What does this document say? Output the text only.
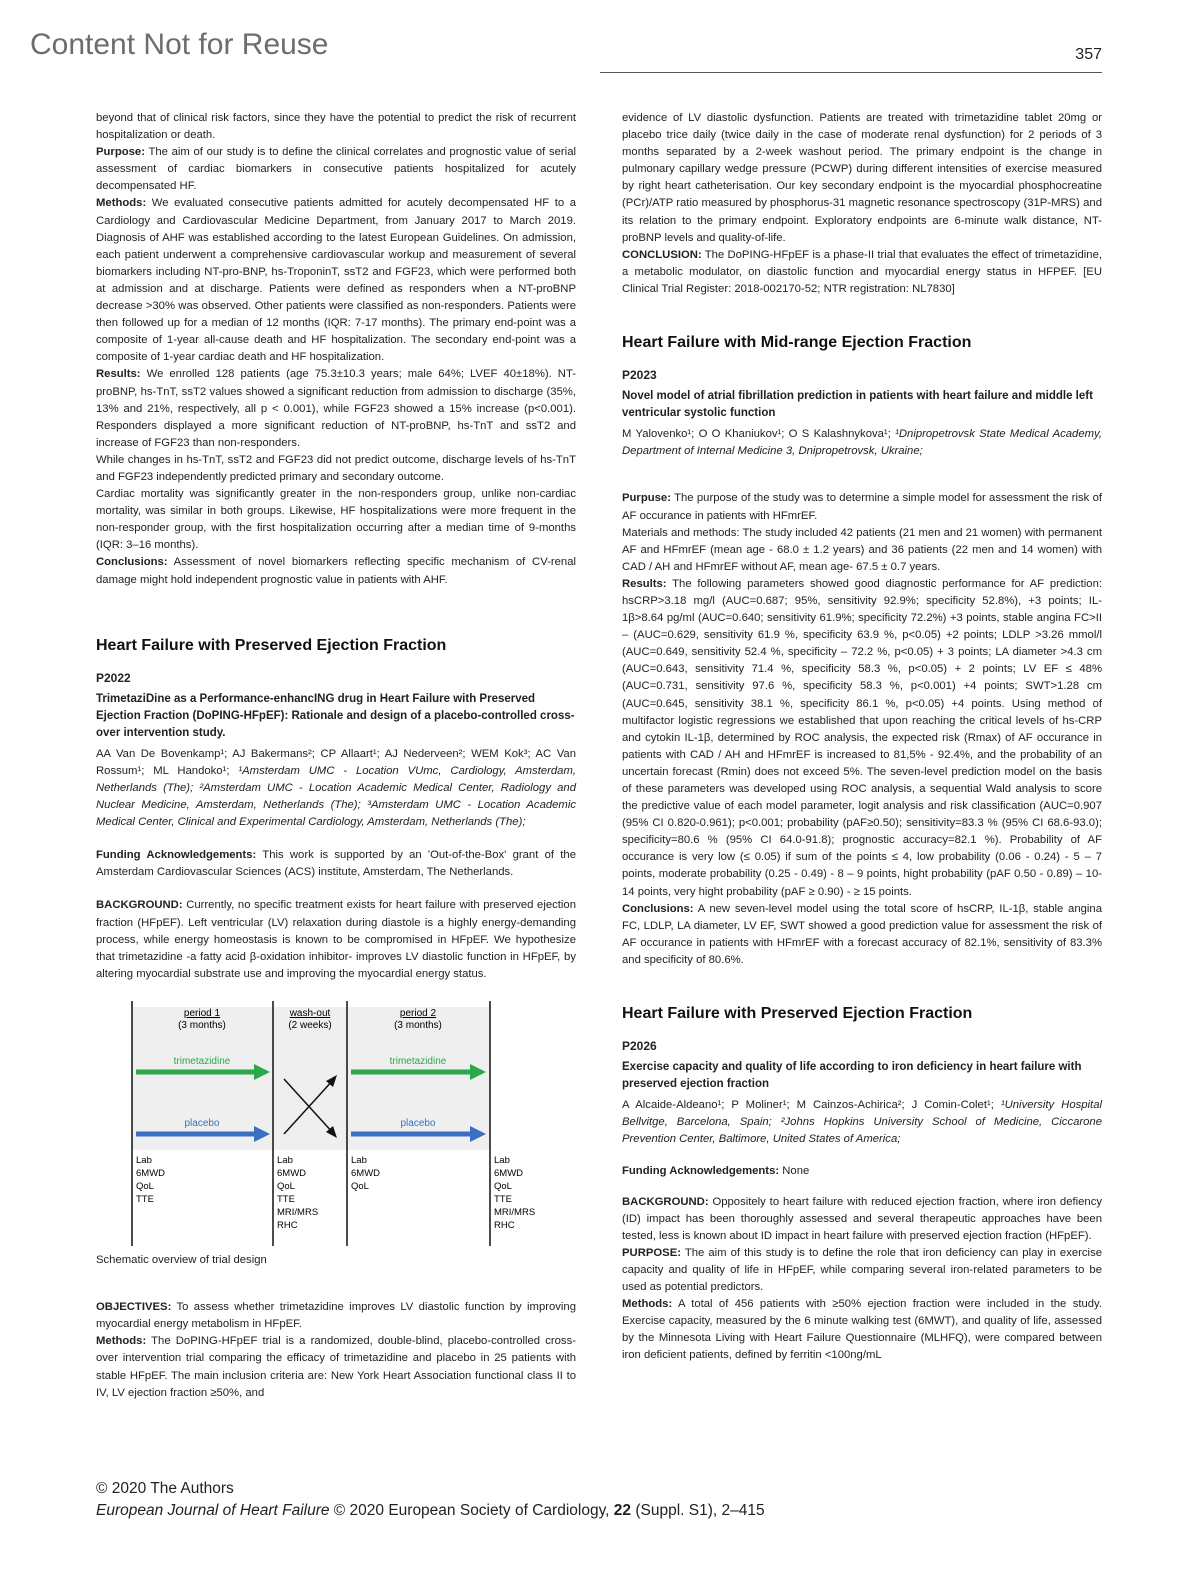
Content Not for Reuse	357

beyond that of clinical risk factors, since they have the potential to predict the risk of recurrent hospitalization or death.

Purpose: The aim of our study is to define the clinical correlates and prognostic value of serial assessment of cardiac biomarkers in consecutive patients hospitalized for acutely decompensated HF.

Methods: We evaluated consecutive patients admitted for acutely decompensated HF to a Cardiology and Cardiovascular Medicine Department, from January 2017 to March 2019. Diagnosis of AHF was established according to the latest European Guidelines. On admission, each patient underwent a comprehensive cardiovascular workup and measurement of several biomarkers including NT-pro-BNP, hs-TroponinT, ssT2 and FGF23, which were performed both at admission and at discharge. Patients were defined as responders when a NT-proBNP decrease >30% was observed. Other patients were classified as non-responders. Patients were then followed up for a median of 12 months (IQR: 7-17 months). The primary end-point was a composite of 1-year all-cause death and HF hospitalization. The secondary end-point was a composite of 1-year cardiac death and HF hospitalization.

Results: We enrolled 128 patients (age 75.3±10.3 years; male 64%; LVEF 40±18%). NT-proBNP, hs-TnT, ssT2 values showed a significant reduction from admission to discharge (35%, 13% and 21%, respectively, all p < 0.001), while FGF23 showed a 15% increase (p<0.001). Responders displayed a more significant reduction of NT-proBNP, hs-TnT and ssT2 and increase of FGF23 than non-responders.

While changes in hs-TnT, ssT2 and FGF23 did not predict outcome, discharge levels of hs-TnT and FGF23 independently predicted primary and secondary outcome.

Cardiac mortality was significantly greater in the non-responders group, unlike non-cardiac mortality, was similar in both groups. Likewise, HF hospitalizations were more frequent in the non-responder group, with the first hospitalization occurring after a median time of 9-months (IQR: 3–16 months).

Conclusions: Assessment of novel biomarkers reflecting specific mechanism of CV-renal damage might hold independent prognostic value in patients with AHF.

Heart Failure with Preserved Ejection Fraction
P2022
TrimetaziDine as a Performance-enhancING drug in Heart Failure with Preserved Ejection Fraction (DoPING-HFpEF): Rationale and design of a placebo-controlled cross-over intervention study.

AA Van De Bovenkamp¹; AJ Bakermans²; CP Allaart¹; AJ Nederveen²; WEM Kok³; AC Van Rossum¹; ML Handoko¹; ¹Amsterdam UMC - Location VUmc, Cardiology, Amsterdam, Netherlands (The); ²Amsterdam UMC - Location Academic Medical Center, Radiology and Nuclear Medicine, Amsterdam, Netherlands (The); ³Amsterdam UMC - Location Academic Medical Center, Clinical and Experimental Cardiology, Amsterdam, Netherlands (The);

Funding Acknowledgements: This work is supported by an 'Out-of-the-Box' grant of the Amsterdam Cardiovascular Sciences (ACS) institute, Amsterdam, The Netherlands.

BACKGROUND: Currently, no specific treatment exists for heart failure with preserved ejection fraction (HFpEF). Left ventricular (LV) relaxation during diastole is a highly energy-demanding process, while energy homeostasis is known to be compromised in HFpEF. We hypothesize that trimetazidine -a fatty acid β-oxidation inhibitor- improves LV diastolic function in HFpEF, by altering myocardial substrate use and improving the myocardial energy status.

period 1
(3 months)
wash-out
(2 weeks)
period 2
(3 months)
trimetazidine	trimetazidine
placebo	placebo
Lab
6MWD
QoL
TTE
Lab
6MWD
QoL
TTE
MRI/MRS
RHC
Lab
6MWD
QoL
Lab
6MWD
QoL
TTE
MRI/MRS
RHC

Schematic overview of trial design

OBJECTIVES: To assess whether trimetazidine improves LV diastolic function by improving myocardial energy metabolism in HFpEF.

Methods: The DoPING-HFpEF trial is a randomized, double-blind, placebo-controlled cross-over intervention trial comparing the efficacy of trimetazidine and placebo in 25 patients with stable HFpEF. The main inclusion criteria are: New York Heart Association functional class II to IV, LV ejection fraction ≥50%, and

evidence of LV diastolic dysfunction. Patients are treated with trimetazidine tablet 20mg or placebo trice daily (twice daily in the case of moderate renal dysfunction) for 2 periods of 3 months separated by a 2-week washout period. The primary endpoint is the change in pulmonary capillary wedge pressure (PCWP) during different intensities of exercise measured by right heart catheterisation. Our key secondary endpoint is the myocardial phosphocreatine (PCr)/ATP ratio measured by phosphorus-31 magnetic resonance spectroscopy (31P-MRS) and its relation to the primary endpoint. Exploratory endpoints are 6-minute walk distance, NT-proBNP levels and quality-of-life.

CONCLUSION: The DoPING-HFpEF is a phase-II trial that evaluates the effect of trimetazidine, a metabolic modulator, on diastolic function and myocardial energy status in HFPEF. [EU Clinical Trial Register: 2018-002170-52; NTR registration: NL7830]

Heart Failure with Mid-range Ejection Fraction
P2023
Novel model of atrial fibrillation prediction in patients with heart failure and middle left ventricular systolic function

M Yalovenko¹; O O Khaniukov¹; O S Kalashnykova¹; ¹Dnipropetrovsk State Medical Academy, Department of Internal Medicine 3, Dnipropetrovsk, Ukraine;

Purpuse: The purpose of the study was to determine a simple model for assessment the risk of AF occurance in patients with HFmrEF.

Materials and methods: The study included 42 patients (21 men and 21 women) with permanent AF and HFmrEF (mean age - 68.0 ± 1.2 years) and 36 patients (22 men and 14 women) with CAD / AH and HFmrEF without AF, mean age- 67.5 ± 0.7 years.

Results: The following parameters showed good diagnostic performance for AF prediction: hsCRP>3.18 mg/l (AUC=0.687; 95%, sensitivity 92.9%; specificity 52.8%), +3 points; IL-1β>8.64 pg/ml (AUC=0.640; sensitivity 61.9%; specificity 72.2%) +3 points, stable angina FC>II – (AUC=0.629, sensitivity 61.9 %, specificity 63.9 %, p<0.05) +2 points; LDLP >3.26 mmol/l (AUC=0.649, sensitivity 52.4 %, specificity – 72.2 %, p<0.05) + 3 points; LA diameter >4.3 cm (AUC=0.643, sensitivity 71.4 %, specificity 58.3 %, p<0.05) + 2 points; LV EF ≤ 48% (AUC=0.731, sensitivity 97.6 %, specificity 58.3 %, p<0.001) +4 points; SWT>1.28 cm (AUC=0.645, sensitivity 38.1 %, specificity 86.1 %, p<0.05) +4 points. Using method of multifactor logistic regressions we established that upon reaching the critical levels of hs-CRP and cytokin IL-1β, determined by ROC analysis, the expected risk (Rmax) of AF occurance in patients with CAD / AH and HFmrEF is increased to 81,5% - 92.4%, and the probability of an uncertain forecast (Rmin) does not exceed 5%. The seven-level prediction model on the basis of these parameters was developed using ROC analysis, a sequential Wald analysis to score the predictive value of each model parameter, logit analysis and risk classification (AUC=0.907 (95% CI 0.820-0.961); p<0.001; probability (pAF≥0.50); sensitivity=83.3 % (95% CI 68.6-93.0); specificity=80.6 % (95% CI 64.0-91.8); prognostic accuracy=82.1 %). Probability of AF occurance is very low (≤ 0.05) if sum of the points ≤ 4, low probability (0.06 - 0.24) - 5 – 7 points, moderate probability (0.25 - 0.49) - 8 – 9 points, hight probability (pAF 0.50 - 0.89) – 10-14 points, very hight probability (pAF ≥ 0.90) - ≥ 15 points.

Conclusions: A new seven-level model using the total score of hsCRP, IL-1β, stable angina FC, LDLP, LA diameter, LV EF, SWT showed a good prediction value for assessment the risk of AF occurance in patients with HFmrEF with a forecast accuracy of 82.1%, sensitivity of 83.3% and specificity of 80.6%.

Heart Failure with Preserved Ejection Fraction
P2026
Exercise capacity and quality of life according to iron deficiency in heart failure with preserved ejection fraction

A Alcaide-Aldeano¹; P Moliner¹; M Cainzos-Achirica²; J Comin-Colet¹; ¹University Hospital Bellvitge, Barcelona, Spain; ²Johns Hopkins University School of Medicine, Ciccarone Prevention Center, Baltimore, United States of America;

Funding Acknowledgements: None

BACKGROUND: Oppositely to heart failure with reduced ejection fraction, where iron defiency (ID) impact has been thoroughly assessed and several therapeutic approaches have been tested, less is known about ID impact in heart failure with preserved ejection fraction (HFpEF).

PURPOSE: The aim of this study is to define the role that iron deficiency can play in exercise capacity and quality of life in HFpEF, while comparing several iron-related parameters to be used as potential predictors.

Methods: A total of 456 patients with ≥50% ejection fraction were included in the study. Exercise capacity, measured by the 6 minute walking test (6MWT), and quality of life, assessed by the Minnesota Living with Heart Failure Questionnaire (MLHFQ), were compared between iron deficient patients, defined by ferritin <100ng/mL

© 2020 The Authors
European Journal of Heart Failure © 2020 European Society of Cardiology, 22 (Suppl. S1), 2–415
